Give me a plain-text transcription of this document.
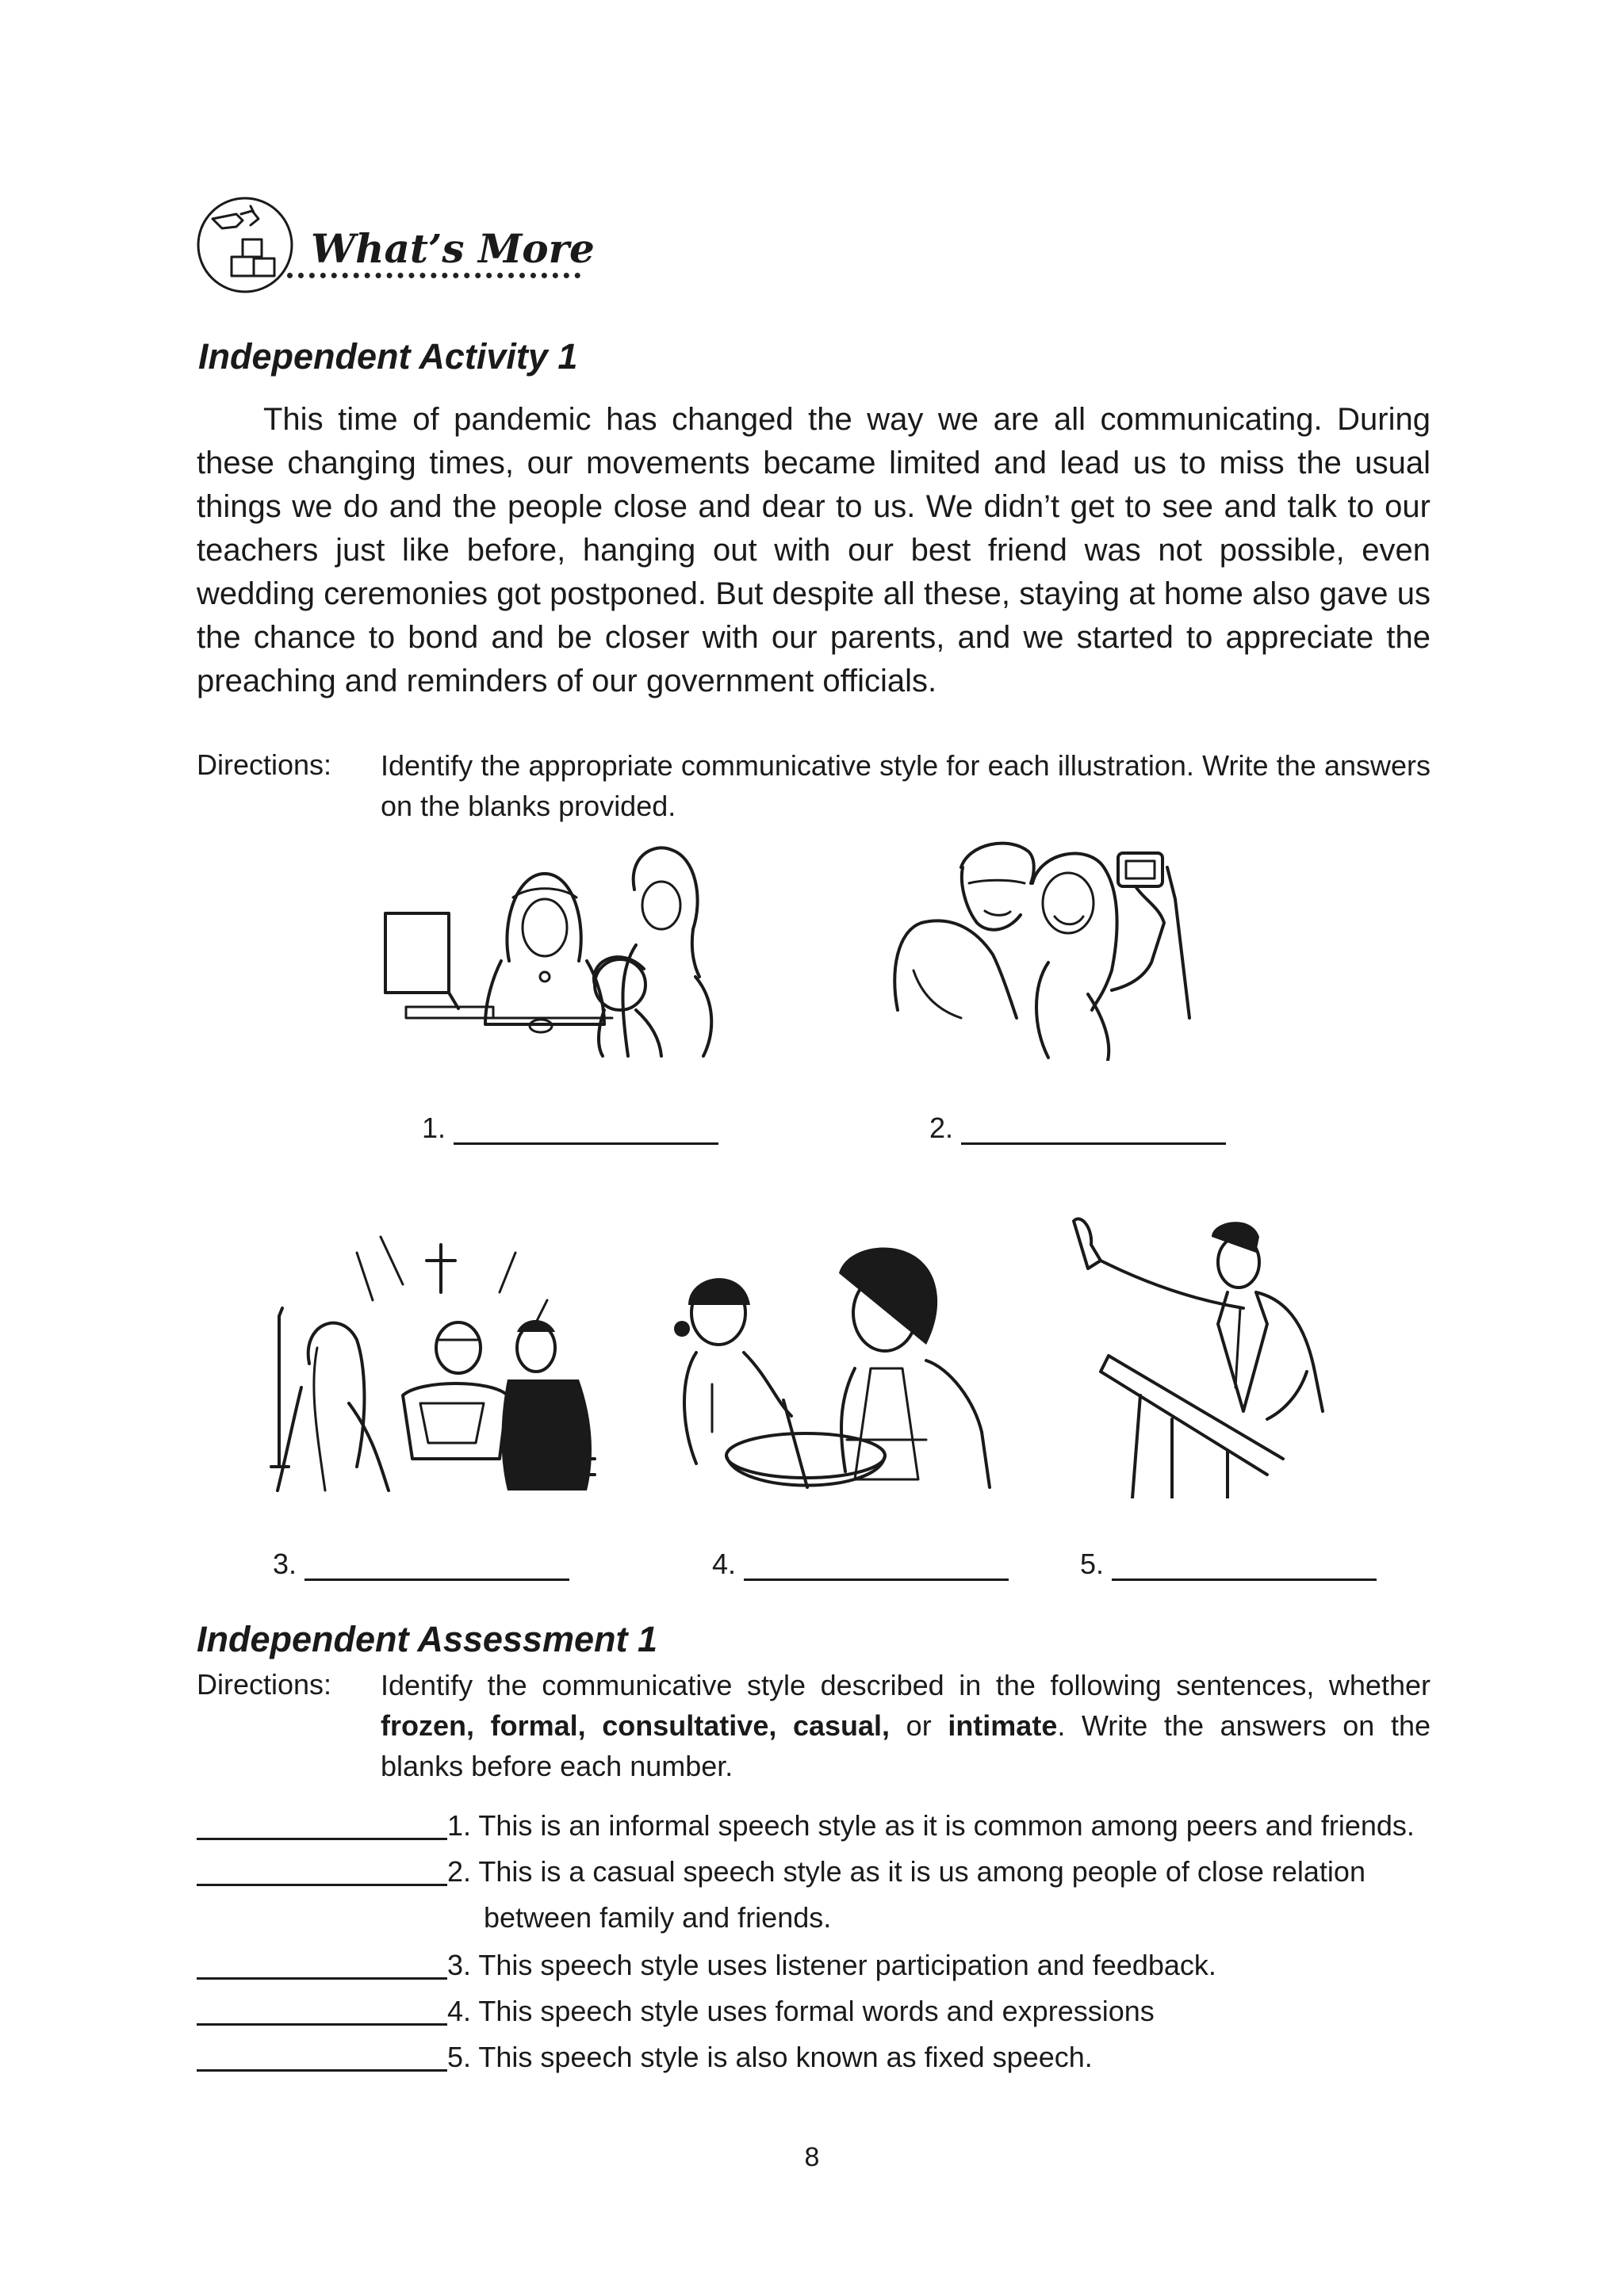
What’s More
Independent Activity 1

This time of pandemic has changed the way we are all communicating. During these changing times, our movements became limited and lead us to miss the usual things we do and the people close and dear to us. We didn’t get to see and talk to our teachers just like before, hanging out with our best friend was not possible, even wedding ceremonies got postponed. But despite all these, staying at home also gave us the chance to bond and be closer with our parents, and we started to appreciate the preaching and reminders of our government officials.

Directions: Identify the appropriate communicative style for each illustration. Write the answers on the blanks provided.

1.	2.
3.	4.	5.
Independent Assessment 1
Directions: Identify the communicative style described in the following sentences, whether frozen, formal, consultative, casual, or intimate. Write the answers on the blanks before each number.

1. This is an informal speech style as it is common among peers and friends.
2. This is a casual speech style as it is us among people of close relation
between family and friends.
3. This speech style uses listener participation and feedback.
4. This speech style uses formal words and expressions
5. This speech style is also known as fixed speech.
8
